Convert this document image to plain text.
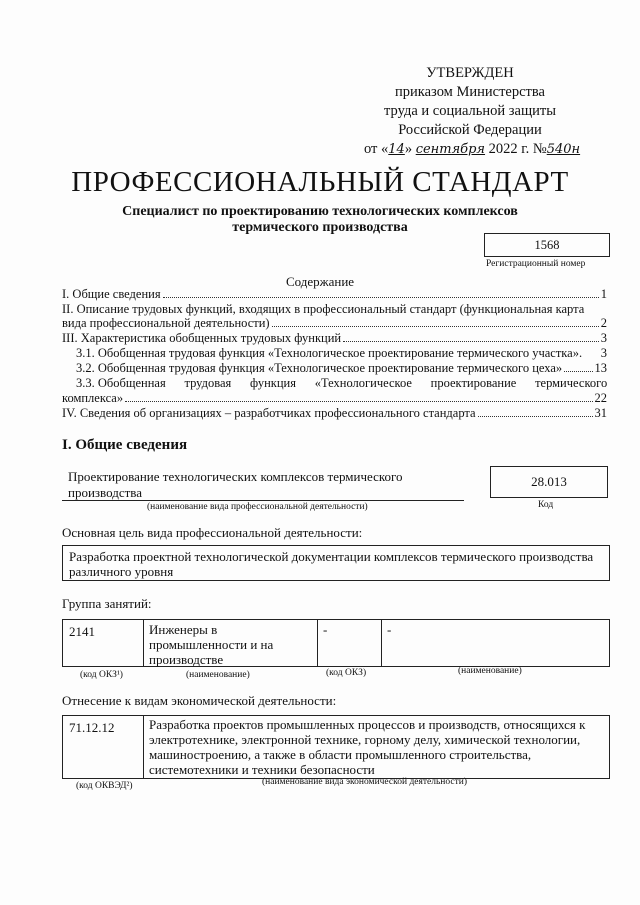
УТВЕРЖДЕН
приказом Министерства
труда и социальной защиты
Российской Федерации
от «14» сентября 2022 г. №540н
ПРОФЕССИОНАЛЬНЫЙ СТАНДАРТ
Специалист по проектированию технологических комплексов
термического производства
1568
Регистрационный номер
Содержание
I. Общие сведения	1
II. Описание трудовых функций, входящих в профессиональный стандарт (функциональная карта
вида профессиональной деятельности)	2
III. Характеристика обобщенных трудовых функций	3
3.1. Обобщенная трудовая функция «Технологическое проектирование термического участка». 3
3.2. Обобщенная трудовая функция «Технологическое проектирование термического цеха»	13
3.3. Обобщенная      трудовая      функция      «Технологическое      проектирование      термического
комплекса»	22
IV. Сведения об организациях – разработчиках профессионального стандарта	31
I. Общие сведения
Проектирование технологических комплексов термического
производства
(наименование вида профессиональной деятельности)
28.013
Код
Основная цель вида профессиональной деятельности:
Разработка проектной технологической документации комплексов термического производства
различного уровня
Группа занятий:
2141	Инженеры в
промышленности и на
производстве
-	-
(код ОКЗ¹)	(наименование)	(код ОКЗ)	(наименование)
Отнесение к видам экономической деятельности:
71.12.12	Разработка проектов промышленных процессов и производств, относящихся к
электротехнике, электронной технике, горному делу, химической технологии,
машиностроению, а также в области промышленного строительства,
системотехники и техники безопасности
(код ОКВЭД²)	(наименование вида экономической деятельности)
